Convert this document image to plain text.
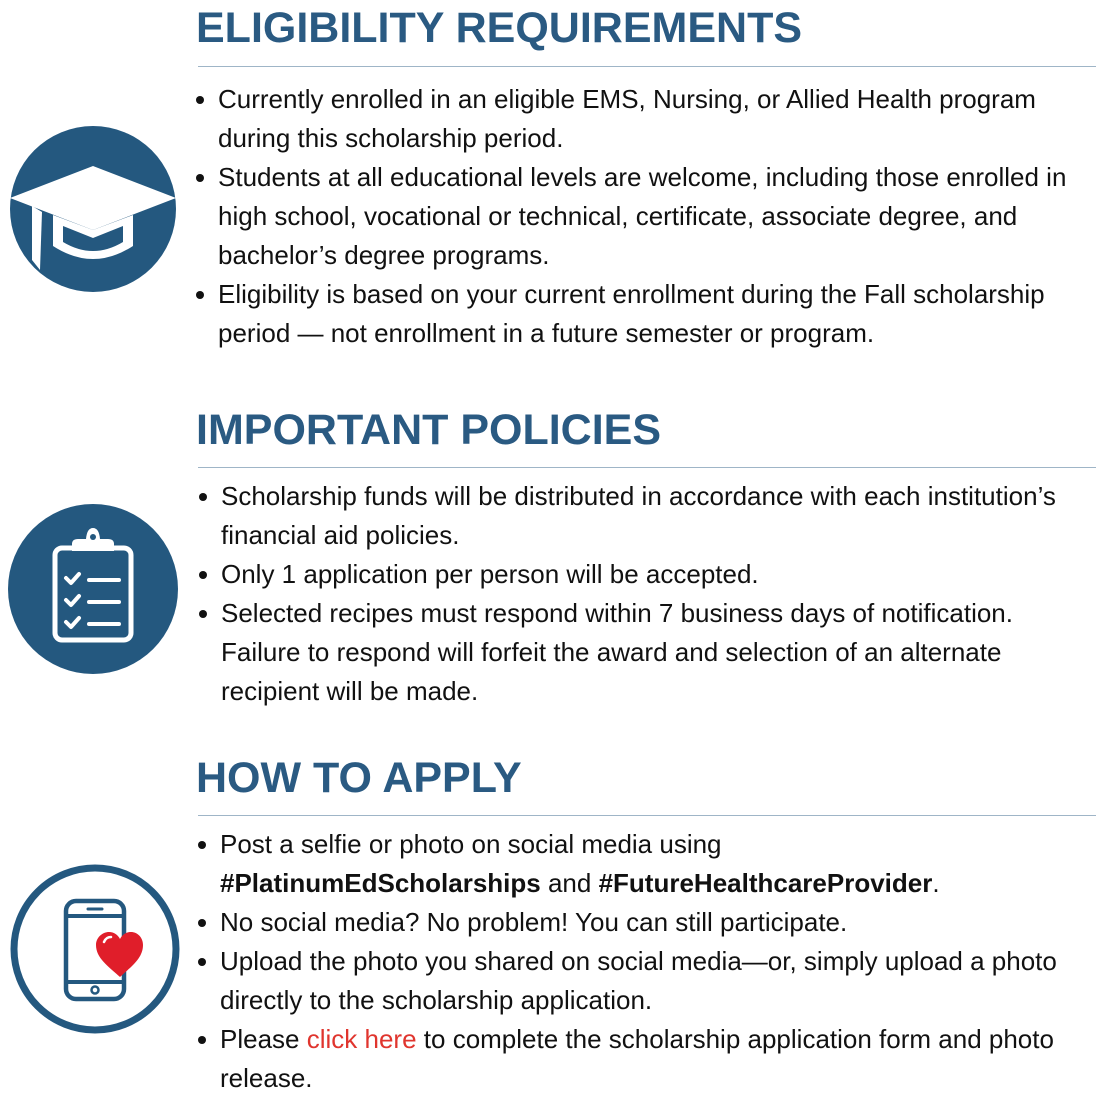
ELIGIBILITY REQUIREMENTS
Currently enrolled in an eligible EMS, Nursing, or Allied Health program during this scholarship period.
Students at all educational levels are welcome, including those enrolled in high school, vocational or technical, certificate, associate degree, and bachelor’s degree programs.
Eligibility is based on your current enrollment during the Fall scholarship period — not enrollment in a future semester or program.
IMPORTANT POLICIES
Scholarship funds will be distributed in accordance with each institution’s financial aid policies.
Only 1 application per person will be accepted.
Selected recipes must respond within 7 business days of notification. Failure to respond will forfeit the award and selection of an alternate recipient will be made.
HOW TO APPLY
Post a selfie or photo on social media using
#PlatinumEdScholarships and #FutureHealthcareProvider.
No social media? No problem! You can still participate.
Upload the photo you shared on social media—or, simply upload a photo directly to the scholarship application.
Please click here to complete the scholarship application form and photo release.
